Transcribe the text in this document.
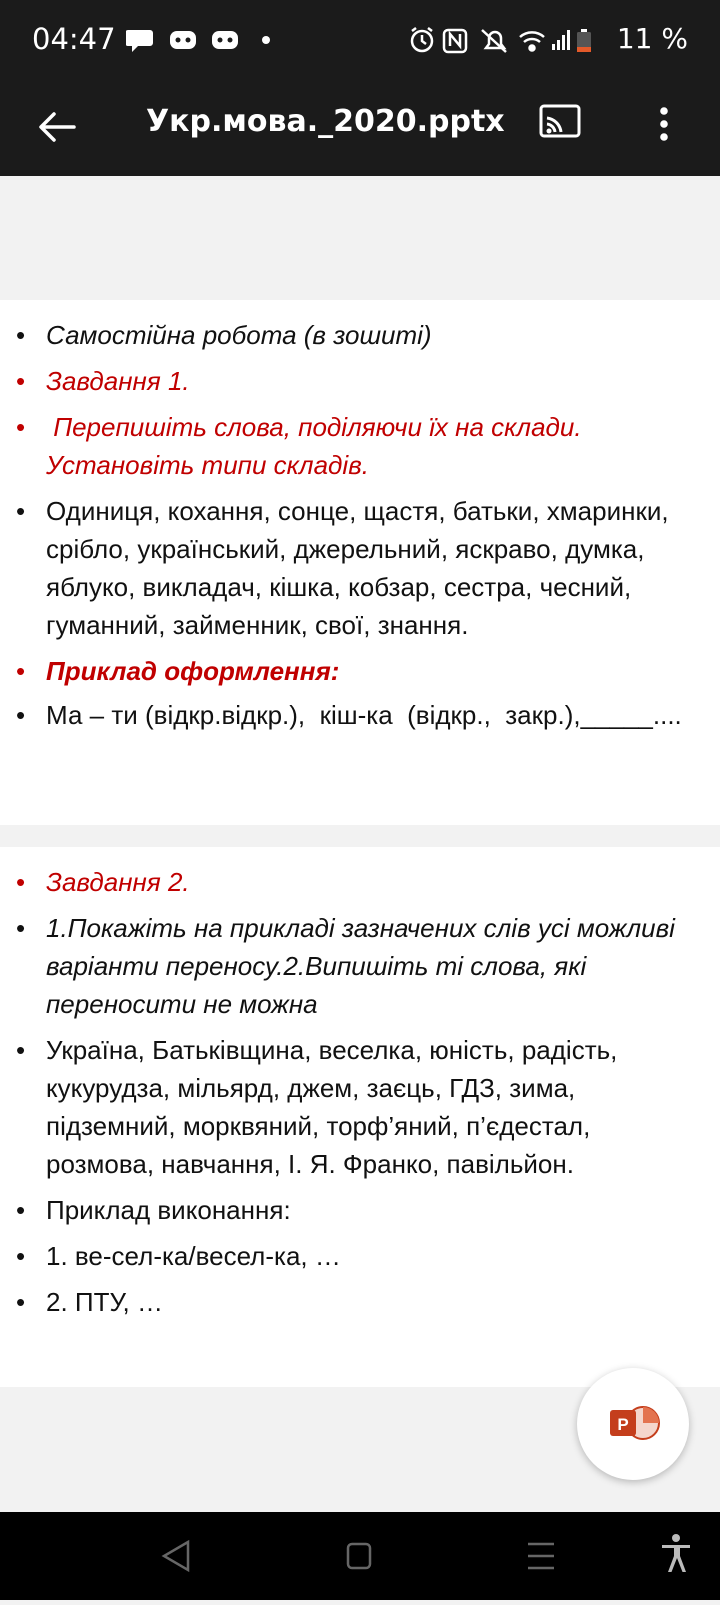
04:47	11 %
Укр.мова._2020.pptx
• Самостійна робота (в зошиті)
• Завдання 1.
•  Перепишіть слова, поділяючи їх на склади. Установіть типи складів.
• Одиниця, кохання, сонце, щастя, батьки, хмаринки, срібло, український, джерельний, яскраво, думка, яблуко, викладач, кішка, кобзар, сестра, чесний, гуманний, займенник, свої, знання.
• Приклад оформлення:
• Ма – ти (відкр.відкр.),  кіш-ка  (відкр.,  закр.),_____....
• Завдання 2.
• 1.Покажіть на прикладі зазначених слів усі можливі варіанти переносу.2.Випишіть ті слова, які переносити не можна
• Україна, Батьківщина, веселка, юність, радість, кукурудза, мільярд, джем, заєць, ГДЗ, зима, підземний, морквяний, торф’яний, п’єдестал, розмова, навчання, І. Я. Франко, павільйон.
• Приклад виконання:
• 1. ве-сел-ка/весел-ка, …
• 2. ПТУ, …
P
